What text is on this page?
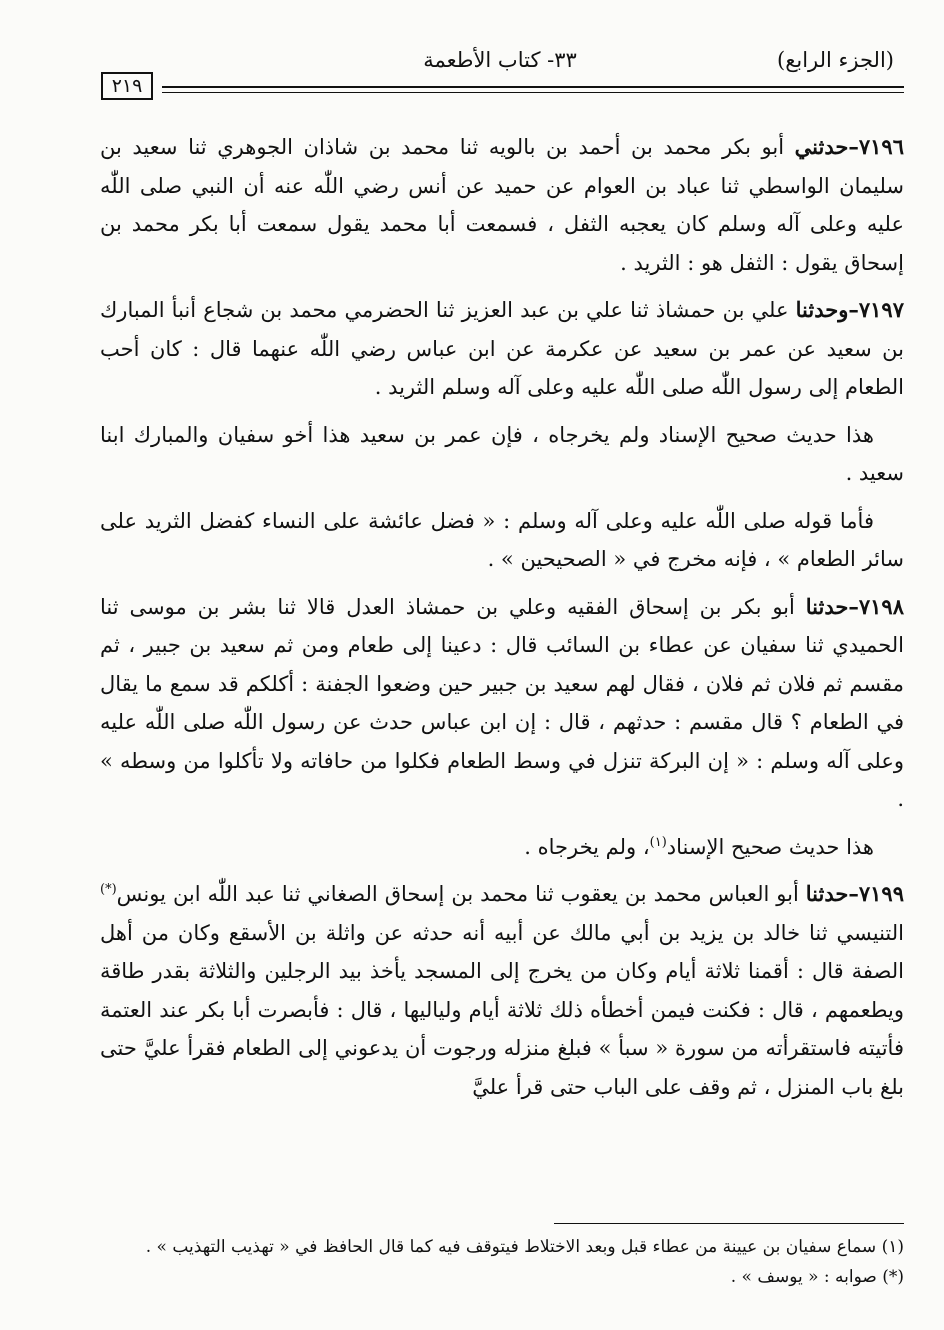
(الجزء الرابع)
٣٣- كتاب الأطعمة
٢١٩

٧١٩٦–حدثني أبو بكر محمد بن أحمد بن بالويه ثنا محمد بن شاذان الجوهري ثنا سعيد بن سليمان الواسطي ثنا عباد بن العوام عن حميد عن أنس رضي اللّٰه عنه أن النبي صلى اللّٰه عليه وعلى آله وسلم كان يعجبه الثفل ، فسمعت أبا محمد يقول سمعت أبا بكر محمد بن إسحاق يقول : الثفل هو : الثريد .

٧١٩٧–وحدثنا علي بن حمشاذ ثنا علي بن عبد العزيز ثنا الحضرمي محمد بن شجاع أنبأ المبارك بن سعيد عن عمر بن سعيد عن عكرمة عن ابن عباس رضي اللّٰه عنهما قال : كان أحب الطعام إلى رسول اللّٰه صلى اللّٰه عليه وعلى آله وسلم الثريد .

هذا حديث صحيح الإسناد ولم يخرجاه ، فإن عمر بن سعيد هذا أخو سفيان والمبارك ابنا سعيد .

فأما قوله صلى اللّٰه عليه وعلى آله وسلم : « فضل عائشة على النساء كفضل الثريد على سائر الطعام » ، فإنه مخرج في « الصحيحين » .

٧١٩٨–حدثنا أبو بكر بن إسحاق الفقيه وعلي بن حمشاذ العدل قالا ثنا بشر بن موسى ثنا الحميدي ثنا سفيان عن عطاء بن السائب قال : دعينا إلى طعام ومن ثم سعيد بن جبير ، ثم مقسم ثم فلان ثم فلان ، فقال لهم سعيد بن جبير حين وضعوا الجفنة : أكلكم قد سمع ما يقال في الطعام ؟ قال مقسم : حدثهم ، قال : إن ابن عباس حدث عن رسول اللّٰه صلى اللّٰه عليه وعلى آله وسلم : « إن البركة تنزل في وسط الطعام فكلوا من حافاته ولا تأكلوا من وسطه » .

هذا حديث صحيح الإسناد$^{(١)}$، ولم يخرجاه .

٧١٩٩–حدثنا أبو العباس محمد بن يعقوب ثنا محمد بن إسحاق الصغاني ثنا عبد اللّٰه ابن يونس(*) التنيسي ثنا خالد بن يزيد بن أبي مالك عن أبيه أنه حدثه عن واثلة بن الأسقع وكان من أهل الصفة قال : أقمنا ثلاثة أيام وكان من يخرج إلى المسجد يأخذ بيد الرجلين والثلاثة بقدر طاقة ويطعمهم ، قال : فكنت فيمن أخطأه ذلك ثلاثة أيام ولياليها ، قال : فأبصرت أبا بكر عند العتمة فأتيته فاستقرأته من سورة « سبأ » فبلغ منزله ورجوت أن يدعوني إلى الطعام فقرأ عليَّ حتى بلغ باب المنزل ، ثم وقف على الباب حتى قرأ عليَّ

(١) سماع سفيان بن عيينة من عطاء قبل وبعد الاختلاط فيتوقف فيه كما قال الحافظ في « تهذيب التهذيب » .

(*) صوابه : « يوسف » .
